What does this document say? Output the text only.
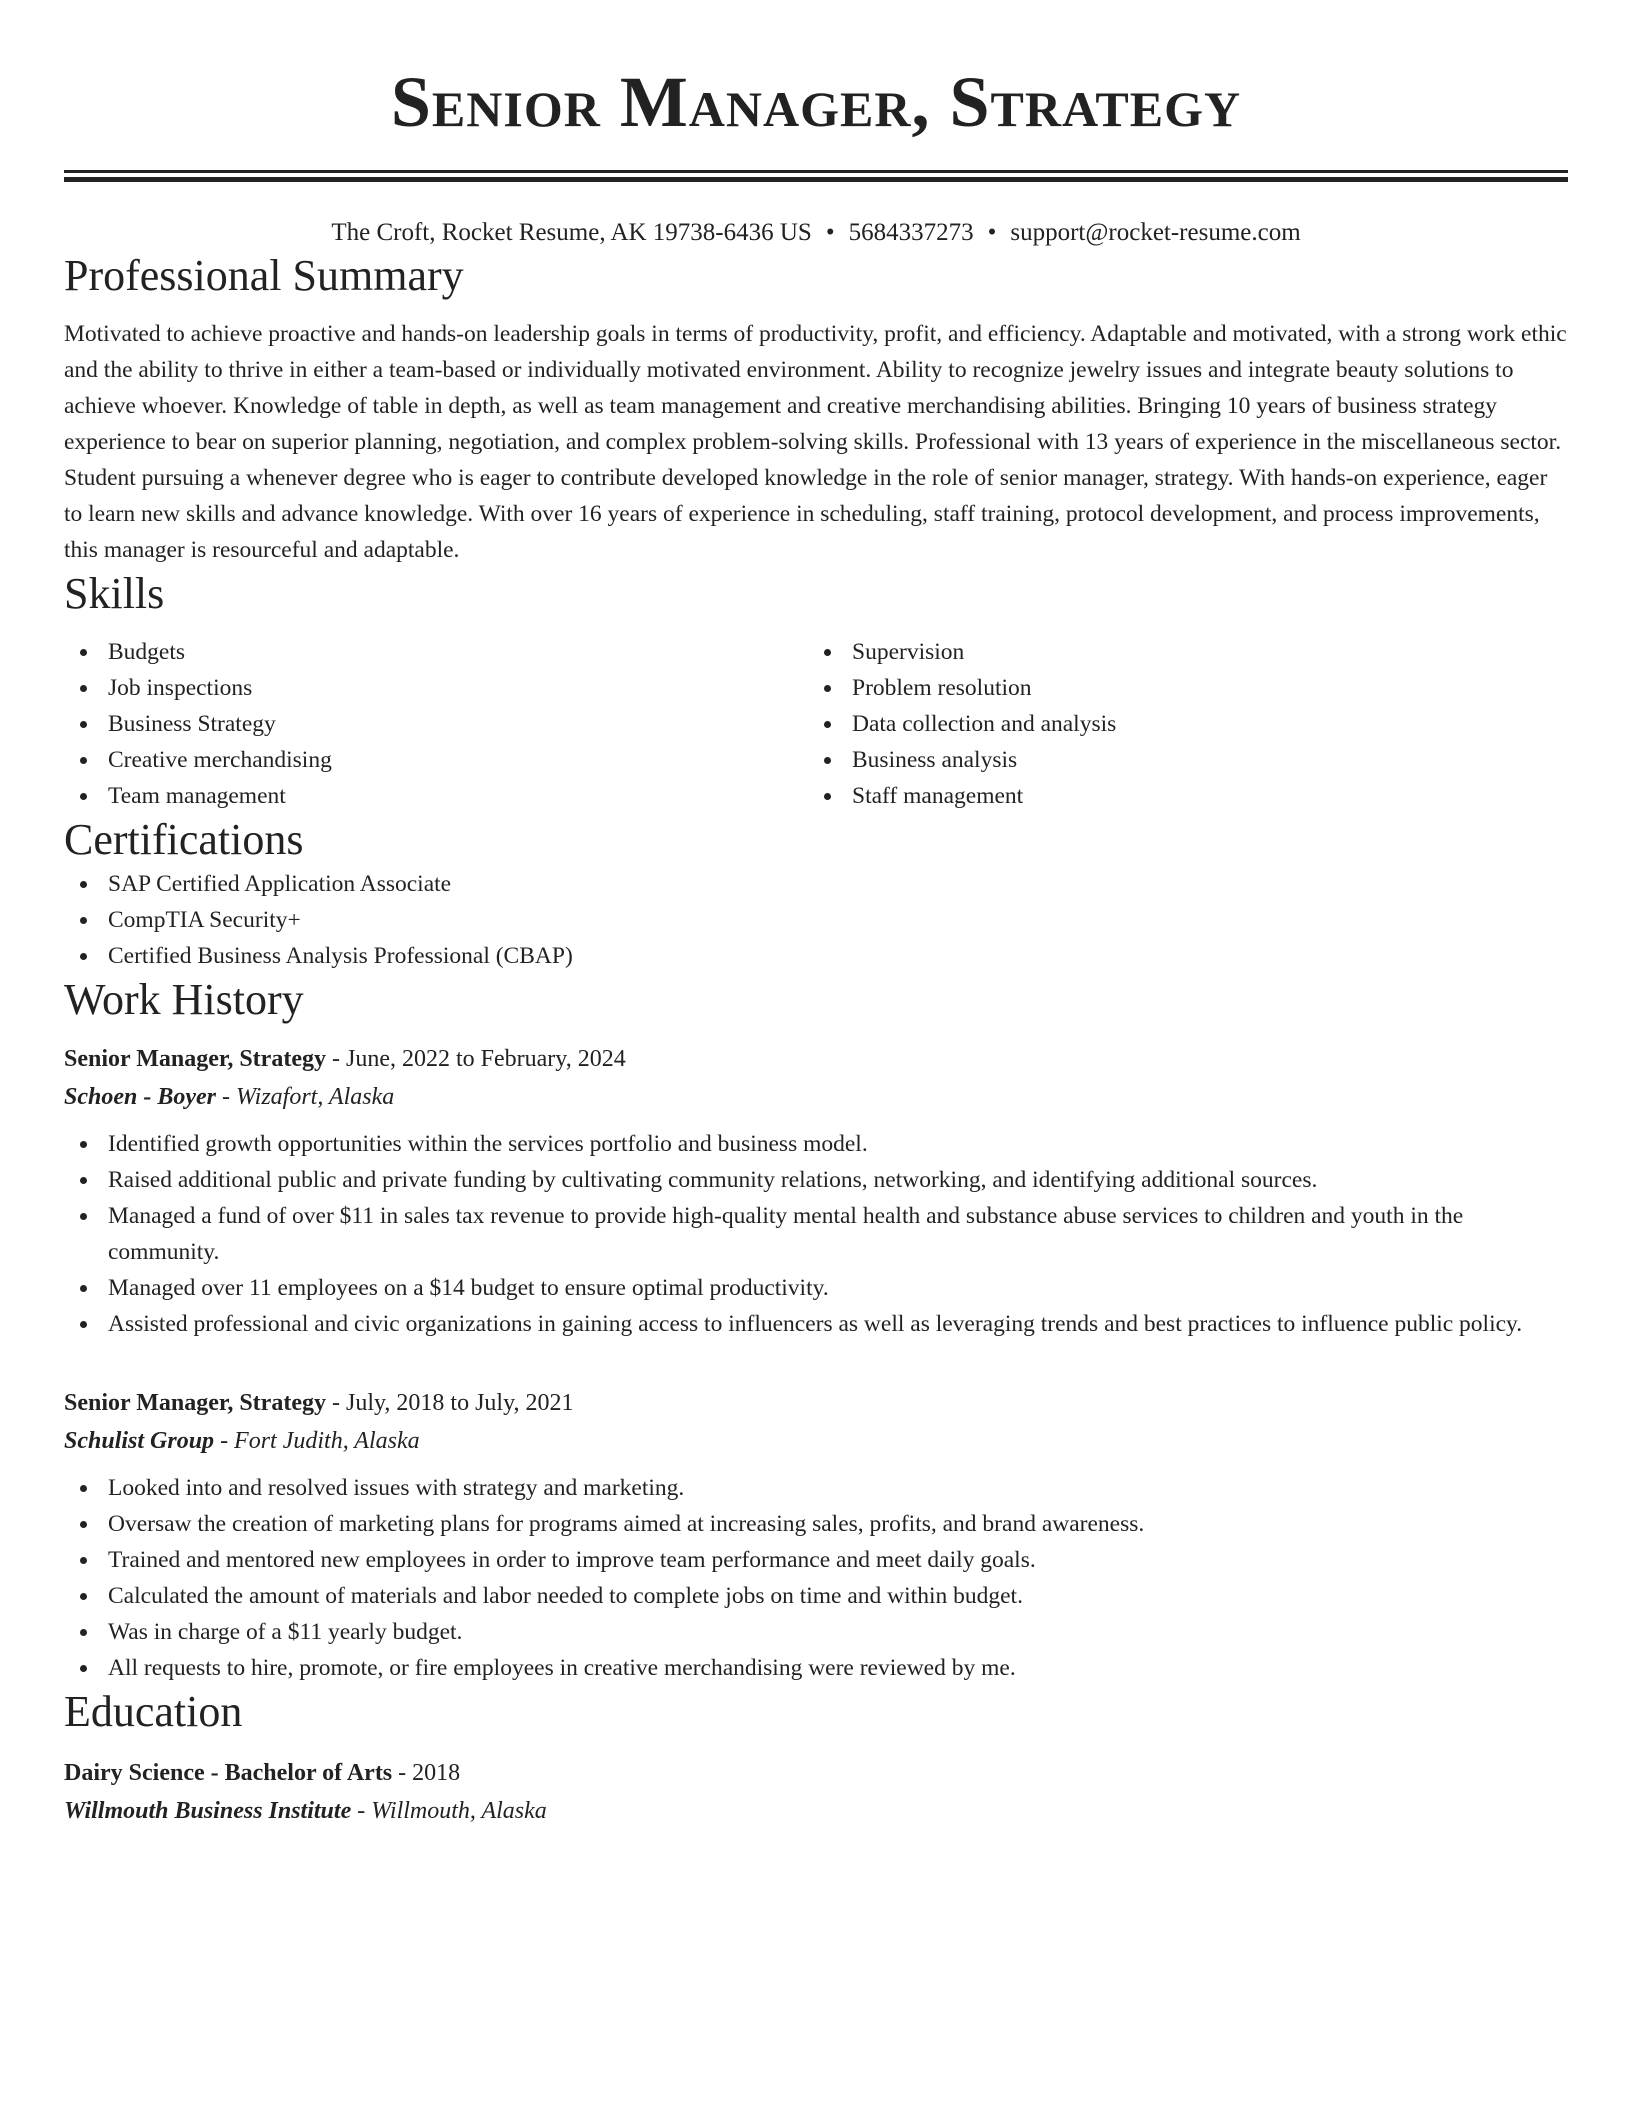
Senior Manager, Strategy
The Croft, Rocket Resume, AK 19738-6436 US • 5684337273 • support@rocket-resume.com
Professional Summary

Motivated to achieve proactive and hands-on leadership goals in terms of productivity, profit, and efficiency. Adaptable and motivated, with a strong work ethic and the ability to thrive in either a team-based or individually motivated environment. Ability to recognize jewelry issues and integrate beauty solutions to achieve whoever. Knowledge of table in depth, as well as team management and creative merchandising abilities. Bringing 10 years of business strategy experience to bear on superior planning, negotiation, and complex problem-solving skills. Professional with 13 years of experience in the miscellaneous sector. Student pursuing a whenever degree who is eager to contribute developed knowledge in the role of senior manager, strategy. With hands-on experience, eager to learn new skills and advance knowledge. With over 16 years of experience in scheduling, staff training, protocol development, and process improvements, this manager is resourceful and adaptable.

Skills
Budgets
Job inspections
Business Strategy
Creative merchandising
Team management
Supervision
Problem resolution
Data collection and analysis
Business analysis
Staff management
Certifications
SAP Certified Application Associate
CompTIA Security+
Certified Business Analysis Professional (CBAP)
Work History
Senior Manager, Strategy - June, 2022 to February, 2024
Schoen - Boyer - Wizafort, Alaska
Identified growth opportunities within the services portfolio and business model.
Raised additional public and private funding by cultivating community relations, networking, and identifying additional sources.
Managed a fund of over $11 in sales tax revenue to provide high-quality mental health and substance abuse services to children and youth in the community.
Managed over 11 employees on a $14 budget to ensure optimal productivity.
Assisted professional and civic organizations in gaining access to influencers as well as leveraging trends and best practices to influence public policy.
Senior Manager, Strategy - July, 2018 to July, 2021
Schulist Group - Fort Judith, Alaska
Looked into and resolved issues with strategy and marketing.
Oversaw the creation of marketing plans for programs aimed at increasing sales, profits, and brand awareness.
Trained and mentored new employees in order to improve team performance and meet daily goals.
Calculated the amount of materials and labor needed to complete jobs on time and within budget.
Was in charge of a $11 yearly budget.
All requests to hire, promote, or fire employees in creative merchandising were reviewed by me.
Education
Dairy Science - Bachelor of Arts - 2018
Willmouth Business Institute - Willmouth, Alaska
